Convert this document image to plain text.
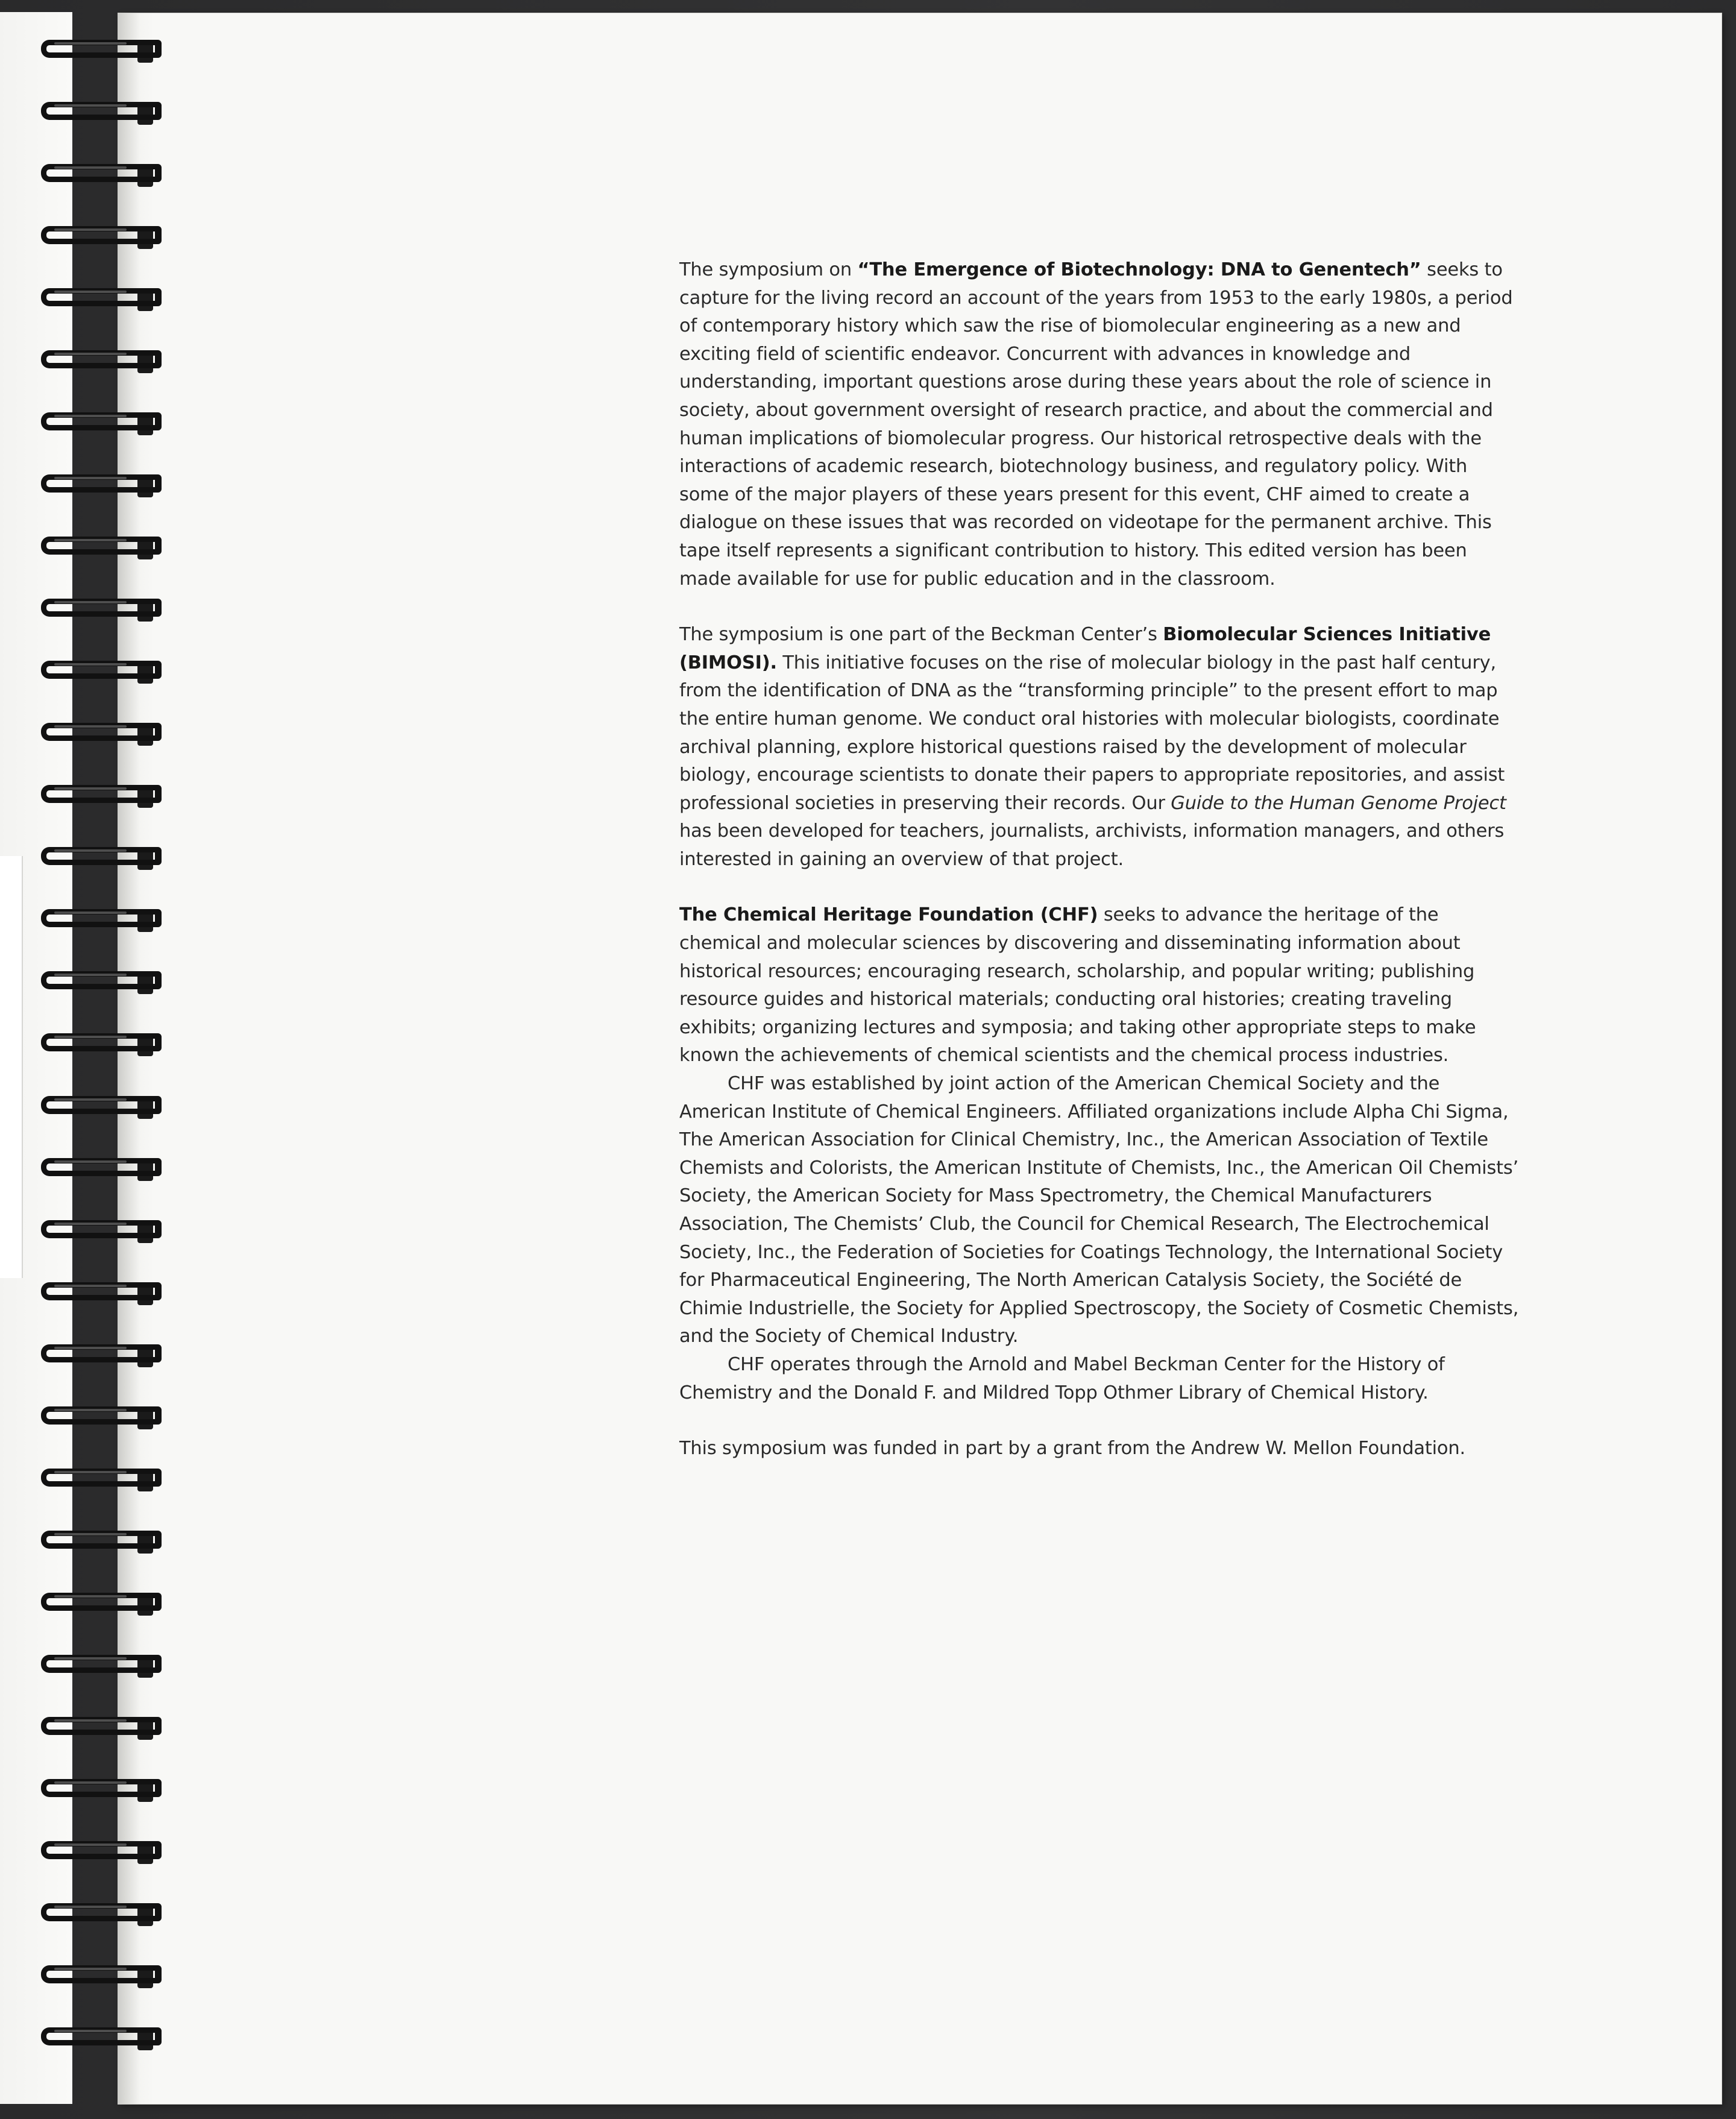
The symposium on “The Emergence of Biotechnology: DNA to Genentech” seeks to capture for the living record an account of the years from 1953 to the early 1980s, a period of contemporary history which saw the rise of biomolecular engineering as a new and exciting field of scientific endeavor. Concurrent with advances in knowledge and understanding, important questions arose during these years about the role of science in society, about government oversight of research practice, and about the commercial and human implications of biomolecular progress. Our historical retrospective deals with the interactions of academic research, biotechnology business, and regulatory policy. With some of the major players of these years present for this event, CHF aimed to create a dialogue on these issues that was recorded on videotape for the permanent archive. This tape itself represents a significant contribution to history. This edited version has been made available for use for public education and in the classroom.

The symposium is one part of the Beckman Center’s Biomolecular Sciences Initiative (BIMOSI). This initiative focuses on the rise of molecular biology in the past half century, from the identification of DNA as the “transforming principle” to the present effort to map the entire human genome. We conduct oral histories with molecular biologists, coordinate archival planning, explore historical questions raised by the development of molecular biology, encourage scientists to donate their papers to appropriate repositories, and assist professional societies in preserving their records. Our Guide to the Human Genome Project has been developed for teachers, journalists, archivists, information managers, and others interested in gaining an overview of that project.

The Chemical Heritage Foundation (CHF) seeks to advance the heritage of the chemical and molecular sciences by discovering and disseminating information about historical resources; encouraging research, scholarship, and popular writing; publishing resource guides and historical materials; conducting oral histories; creating traveling exhibits; organizing lectures and symposia; and taking other appropriate steps to make known the achievements of chemical scientists and the chemical process industries.

CHF was established by joint action of the American Chemical Society and the American Institute of Chemical Engineers. Affiliated organizations include Alpha Chi Sigma, The American Association for Clinical Chemistry, Inc., the American Association of Textile Chemists and Colorists, the American Institute of Chemists, Inc., the American Oil Chemists’ Society, the American Society for Mass Spectrometry, the Chemical Manufacturers Association, The Chemists’ Club, the Council for Chemical Research, The Electrochemical Society, Inc., the Federation of Societies for Coatings Technology, the International Society for Pharmaceutical Engineering, The North American Catalysis Society, the Société de Chimie Industrielle, the Society for Applied Spectroscopy, the Society of Cosmetic Chemists, and the Society of Chemical Industry.

CHF operates through the Arnold and Mabel Beckman Center for the History of Chemistry and the Donald F. and Mildred Topp Othmer Library of Chemical History.

This symposium was funded in part by a grant from the Andrew W. Mellon Foundation.
